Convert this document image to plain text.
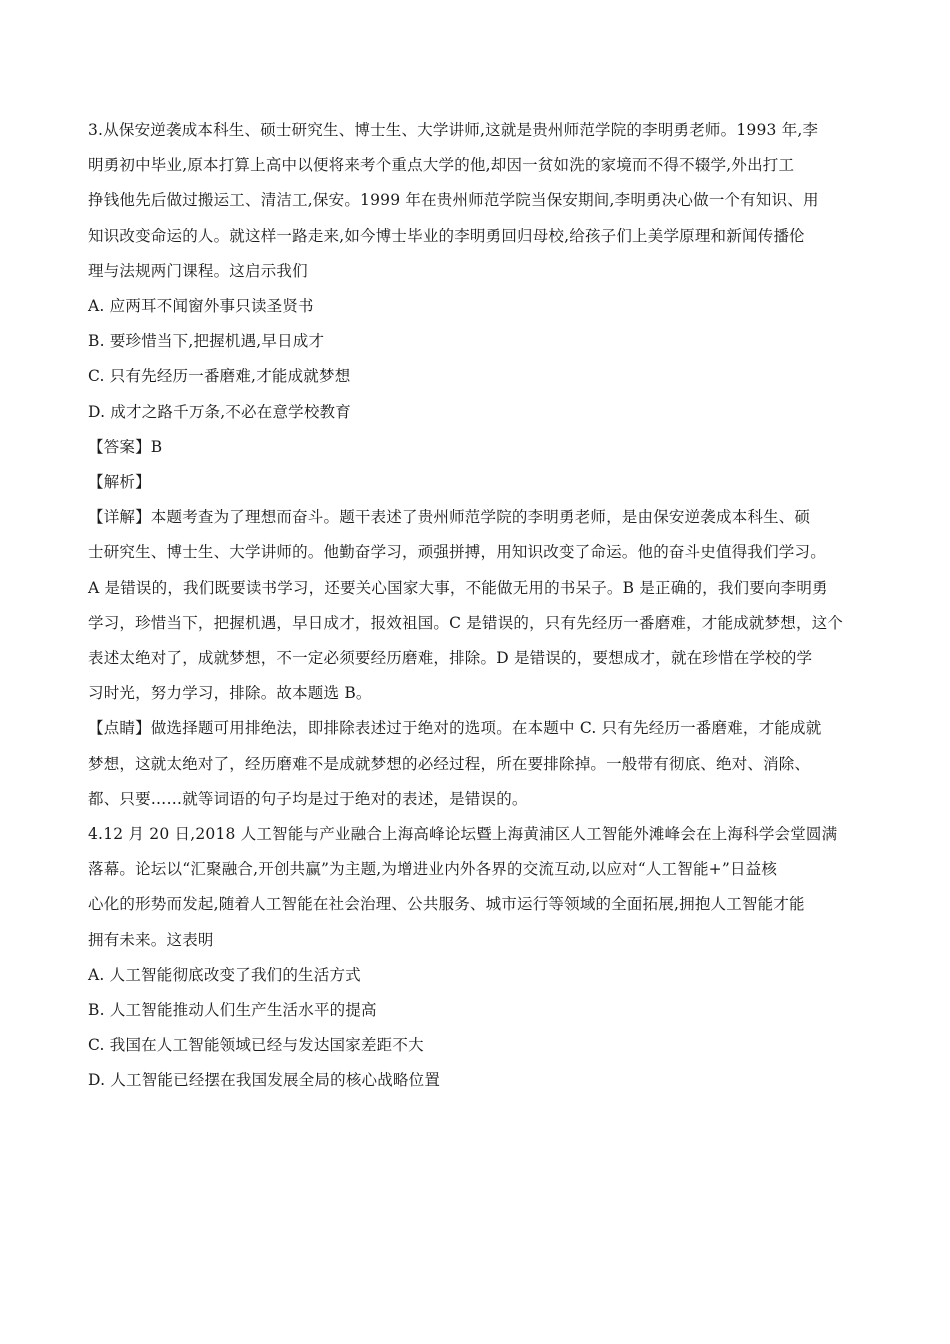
3.从保安逆袭成本科生、硕士研究生、博士生、大学讲师,这就是贵州师范学院的李明勇老师。1993 年,李
明勇初中毕业,原本打算上高中以便将来考个重点大学的他,却因一贫如洗的家境而不得不辍学,外出打工
挣钱他先后做过搬运工、清洁工,保安。1999 年在贵州师范学院当保安期间,李明勇决心做一个有知识、用
知识改变命运的人。就这样一路走来,如今博士毕业的李明勇回归母校,给孩子们上美学原理和新闻传播伦
理与法规两门课程。这启示我们
A. 应两耳不闻窗外事只读圣贤书
B. 要珍惜当下,把握机遇,早日成才
C. 只有先经历一番磨难,才能成就梦想
D. 成才之路千万条,不必在意学校教育
【答案】B
【解析】
【详解】本题考查为了理想而奋斗。题干表述了贵州师范学院的李明勇老师，是由保安逆袭成本科生、硕
士研究生、博士生、大学讲师的。他勤奋学习，顽强拼搏，用知识改变了命运。他的奋斗史值得我们学习。
A 是错误的，我们既要读书学习，还要关心国家大事，不能做无用的书呆子。B 是正确的，我们要向李明勇
学习，珍惜当下，把握机遇，早日成才，报效祖国。C 是错误的，只有先经历一番磨难，才能成就梦想，这个
表述太绝对了，成就梦想，不一定必须要经历磨难，排除。D 是错误的，要想成才，就在珍惜在学校的学
习时光，努力学习，排除。故本题选 B。
【点睛】做选择题可用排绝法，即排除表述过于绝对的选项。在本题中 C. 只有先经历一番磨难，才能成就
梦想，这就太绝对了，经历磨难不是成就梦想的必经过程，所在要排除掉。一般带有彻底、绝对、消除、
都、只要……就等词语的句子均是过于绝对的表述，是错误的。
4.12 月 20 日,2018 人工智能与产业融合上海高峰论坛暨上海黄浦区人工智能外滩峰会在上海科学会堂圆满
落幕。论坛以“汇聚融合,开创共赢”为主题,为增进业内外各界的交流互动,以应对“人工智能+”日益核
心化的形势而发起,随着人工智能在社会治理、公共服务、城市运行等领域的全面拓展,拥抱人工智能才能
拥有未来。这表明
A. 人工智能彻底改变了我们的生活方式
B. 人工智能推动人们生产生活水平的提高
C. 我国在人工智能领域已经与发达国家差距不大
D. 人工智能已经摆在我国发展全局的核心战略位置
